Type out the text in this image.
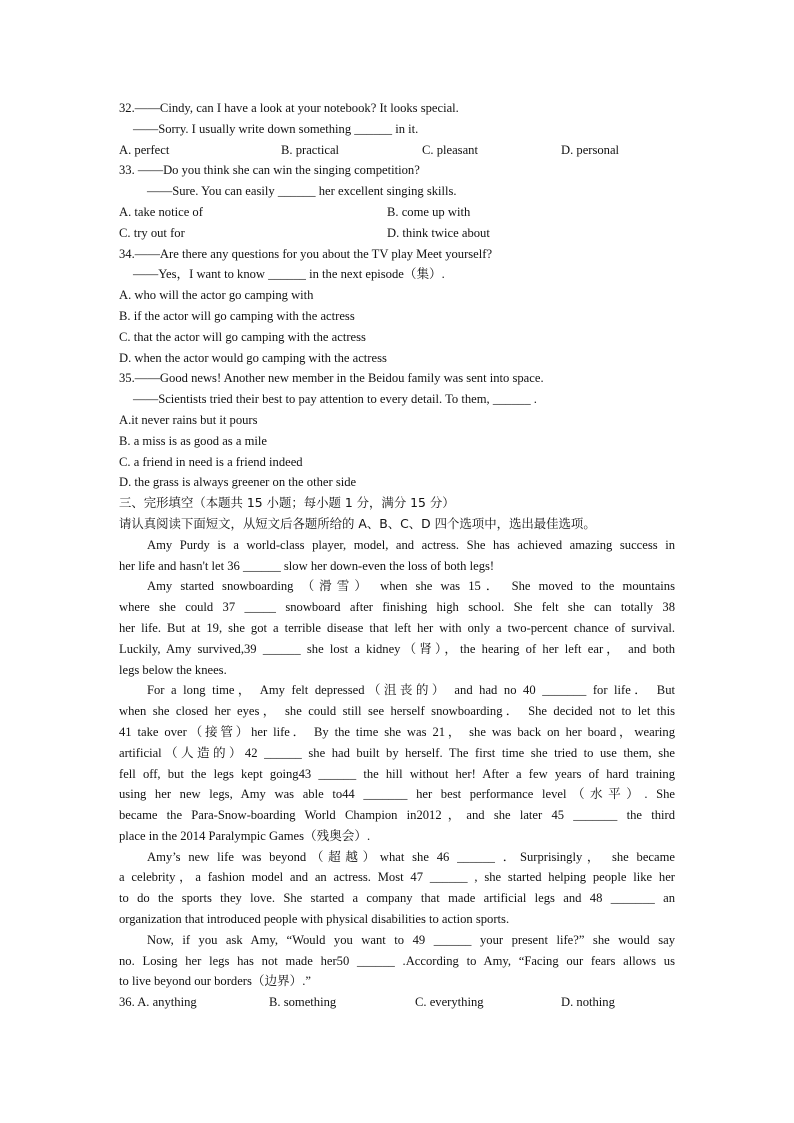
32.——Cindy, can I have a look at your notebook? It looks special.
——Sorry. I usually write down something ______ in it.
A. perfect	B. practical	C. pleasant	D. personal
33. ——Do you think she can win the singing competition?
——Sure. You can easily ______ her excellent singing skills.
A. take notice of	B. come up with
C. try out for	D. think twice about
34.——Are there any questions for you about the TV play Meet yourself?
——Yes，I want to know ______ in the next episode（集）.
A. who will the actor go camping with
B. if the actor will go camping with the actress
C. that the actor will go camping with the actress
D. when the actor would go camping with the actress
35.——Good news! Another new member in the Beidou family was sent into space.
——Scientists tried their best to pay attention to every detail. To them, ______ .
A.it never rains but it pours
B. a miss is as good as a mile
C. a friend in need is a friend indeed
D. the grass is always greener on the other side
三、完形填空（本题共 15 小题；每小题 1 分，满分 15 分）
请认真阅读下面短文，从短文后各题所给的 A、B、C、D 四个选项中，选出最佳选项。
Amy Purdy is a world-class player, model, and actress. She has achieved amazing success in
her life and hasn't let 36 ______ slow her down-even the loss of both legs!
Amy started snowboarding （滑雪） when she was 15． She moved to the mountains
where she could 37 _____ snowboard after finishing high school. She felt she can totally 38
her life. But at 19, she got a terrible disease that left her with only a two-percent chance of survival.
Luckily, Amy survived,39 ______ she lost a kidney（肾），the hearing of her left ear， and both
legs below the knees.
For a long time， Amy felt depressed（沮丧的） and had no 40 _______ for life． But
when she closed her eyes， she could still see herself snowboarding． She decided not to let this
41 take over（接管）her life． By the time she was 21， she was back on her board，wearing
artificial（人造的）42 ______ she had built by herself. The first time she tried to use them, she
fell off, but the legs kept going43 ______ the hill without her! After a few years of hard training
using her new legs, Amy was able to44 _______ her best performance level（水平）. She
became the Para-Snow-boarding World Champion in2012，and she later 45 _______ the third
place in the 2014 Paralympic Games（残奥会）.
Amy’s new life was beyond（超越）what she 46 ______ ．Surprisingly， she became
a celebrity，a fashion model and an actress. Most 47 ______ , she started helping people like her
to do the sports they love. She started a company that made artificial legs and 48 _______ an
organization that introduced people with physical disabilities to action sports.
Now, if you ask Amy, “Would you want to 49 ______ your present life?” she would say
no. Losing her legs has not made her50 ______ .According to Amy, “Facing our fears allows us
to live beyond our borders（边界）.”
36. A. anything	B. something	C. everything	D. nothing
